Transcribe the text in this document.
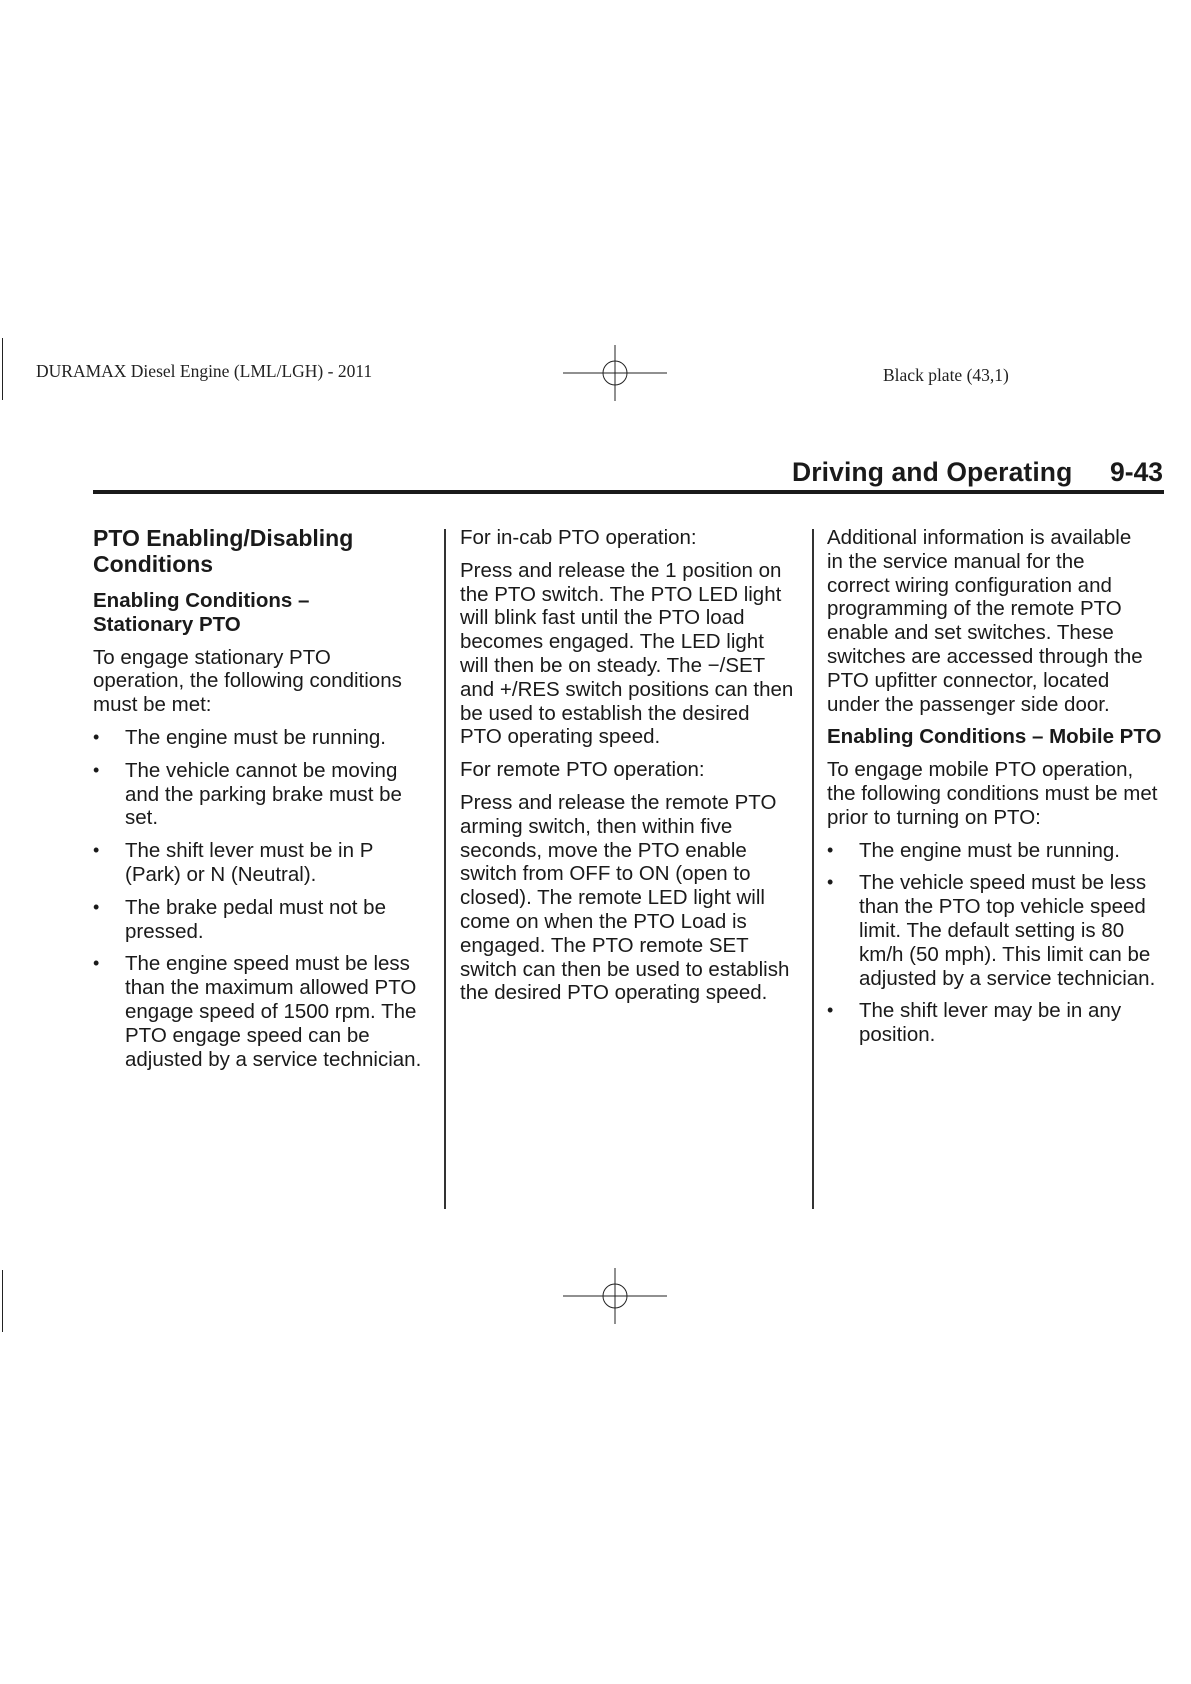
DURAMAX Diesel Engine (LML/LGH) - 2011	Black plate (43,1)
Driving and Operating 9-43
PTO Enabling/Disabling Conditions
Enabling Conditions – Stationary PTO

To engage stationary PTO operation, the following conditions must be met:

• The engine must be running.
• The vehicle cannot be moving and the parking brake must be set.
• The shift lever must be in P (Park) or N (Neutral).
• The brake pedal must not be pressed.
• The engine speed must be less than the maximum allowed PTO engage speed of 1500 rpm. The PTO engage speed can be adjusted by a service technician.

For in-cab PTO operation:

Press and release the 1 position on the PTO switch. The PTO LED light will blink fast until the PTO load becomes engaged. The LED light will then be on steady. The −/SET and +/RES switch positions can then be used to establish the desired PTO operating speed.

For remote PTO operation:

Press and release the remote PTO arming switch, then within five seconds, move the PTO enable switch from OFF to ON (open to closed). The remote LED light will come on when the PTO Load is engaged. The PTO remote SET switch can then be used to establish the desired PTO operating speed.

Additional information is available in the service manual for the correct wiring configuration and programming of the remote PTO enable and set switches. These switches are accessed through the PTO upfitter connector, located under the passenger side door.

Enabling Conditions – Mobile PTO

To engage mobile PTO operation, the following conditions must be met prior to turning on PTO:

• The engine must be running.
• The vehicle speed must be less than the PTO top vehicle speed limit. The default setting is 80 km/h (50 mph). This limit can be adjusted by a service technician.
• The shift lever may be in any position.
